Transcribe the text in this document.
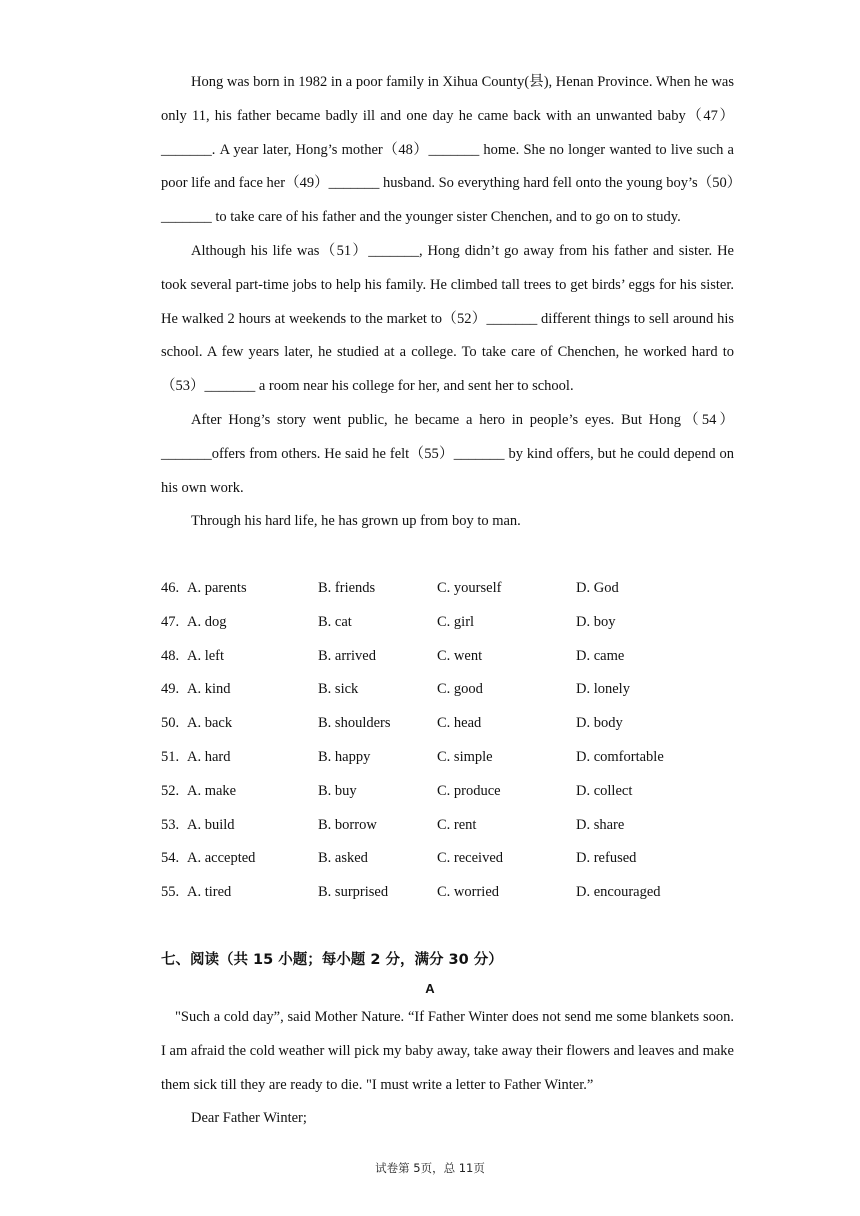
Hong was born in 1982 in a poor family in Xihua County(县), Henan Province. When he was only 11, his father became badly ill and one day he came back with an unwanted baby（47）_______. A year later, Hong’s mother（48）_______ home. She no longer wanted to live such a poor life and face her（49）_______ husband. So everything hard fell onto the young boy’s（50）_______ to take care of his father and the younger sister Chenchen, and to go on to study.

Although his life was（51）_______, Hong didn’t go away from his father and sister. He took several part-time jobs to help his family. He climbed tall trees to get birds’ eggs for his sister. He walked 2 hours at weekends to the market to（52）_______ different things to sell around his school. A few years later, he studied at a college. To take care of Chenchen, he worked hard to（53）_______ a room near his college for her, and sent her to school.

After Hong’s story went public, he became a hero in people’s eyes. But Hong（54）_______offers from others. He said he felt（55）_______ by kind offers, but he could depend on his own work.

Through his hard life, he has grown up from boy to man.

46. A. parents	B. friends	C. yourself	D. God
47. A. dog	B. cat	C. girl	D. boy
48. A. left	B. arrived	C. went	D. came
49. A. kind	B. sick	C. good	D. lonely
50. A. back	B. shoulders	C. head	D. body
51. A. hard	B. happy	C. simple	D. comfortable
52. A. make	B. buy	C. produce	D. collect
53. A. build	B. borrow	C. rent	D. share
54. A. accepted	B. asked	C. received	D. refused
55. A. tired	B. surprised	C. worried	D. encouraged
七、阅读（共 15 小题；每小题 2 分，满分 30 分）
A

"Such a cold day”, said Mother Nature. “If Father Winter does not send me some blankets soon. I am afraid the cold weather will pick my baby away, take away their flowers and leaves and make them sick till they are ready to die. "I must write a letter to Father Winter.”

Dear Father Winter;

试卷第 5页，总 11页
